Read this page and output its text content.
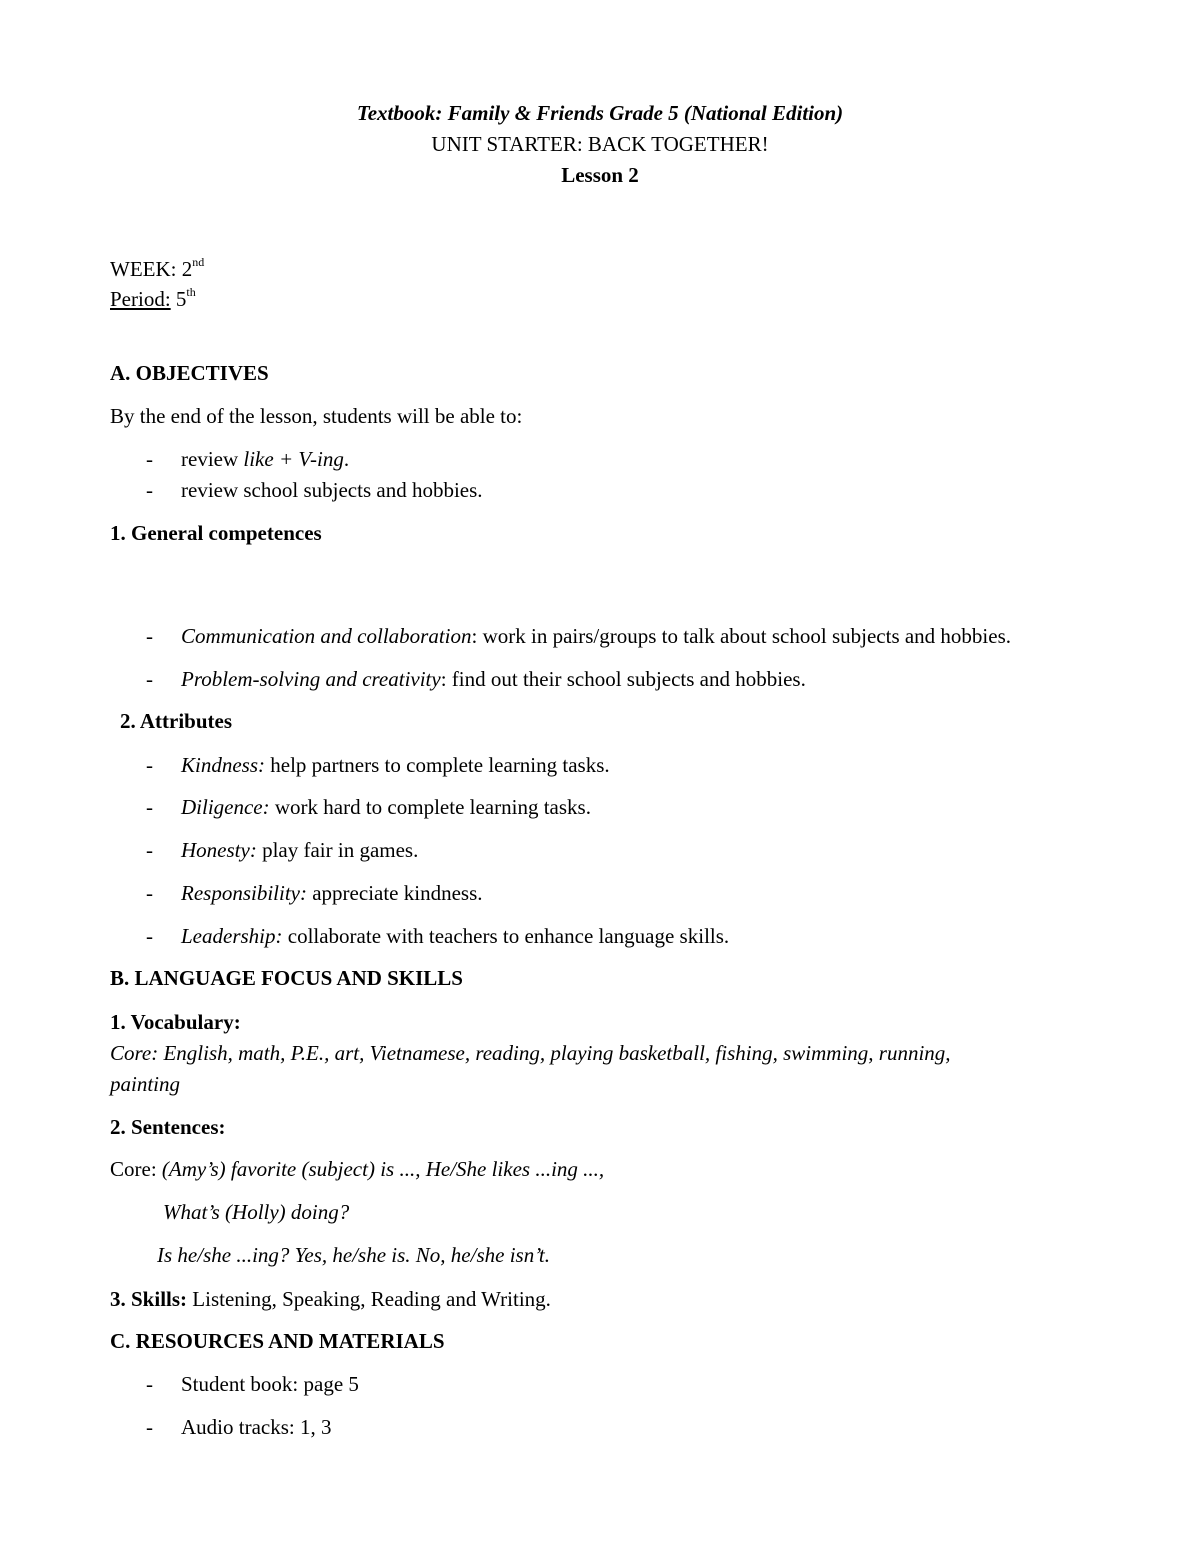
Textbook: Family & Friends Grade 5 (National Edition)
UNIT STARTER: BACK TOGETHER!
Lesson 2
WEEK: 2nd
Period: 5th
A. OBJECTIVES
By the end of the lesson, students will be able to:
- review like + V-ing.
- review school subjects and hobbies.
1. General competences
- Communication and collaboration: work in pairs/groups to talk about school subjects and hobbies.
- Problem-solving and creativity: find out their school subjects and hobbies.
2. Attributes
- Kindness: help partners to complete learning tasks.
- Diligence: work hard to complete learning tasks.
- Honesty: play fair in games.
- Responsibility: appreciate kindness.
- Leadership: collaborate with teachers to enhance language skills.
B. LANGUAGE FOCUS AND SKILLS
1. Vocabulary:
Core: English, math, P.E., art, Vietnamese, reading, playing basketball, fishing, swimming, running,
painting
2. Sentences:
Core: (Amy’s) favorite (subject) is ..., He/She likes ...ing ...,
What’s (Holly) doing?
Is he/she ...ing? Yes, he/she is. No, he/she isn’t.
3. Skills: Listening, Speaking, Reading and Writing.
C. RESOURCES AND MATERIALS
- Student book: page 5
- Audio tracks: 1, 3
